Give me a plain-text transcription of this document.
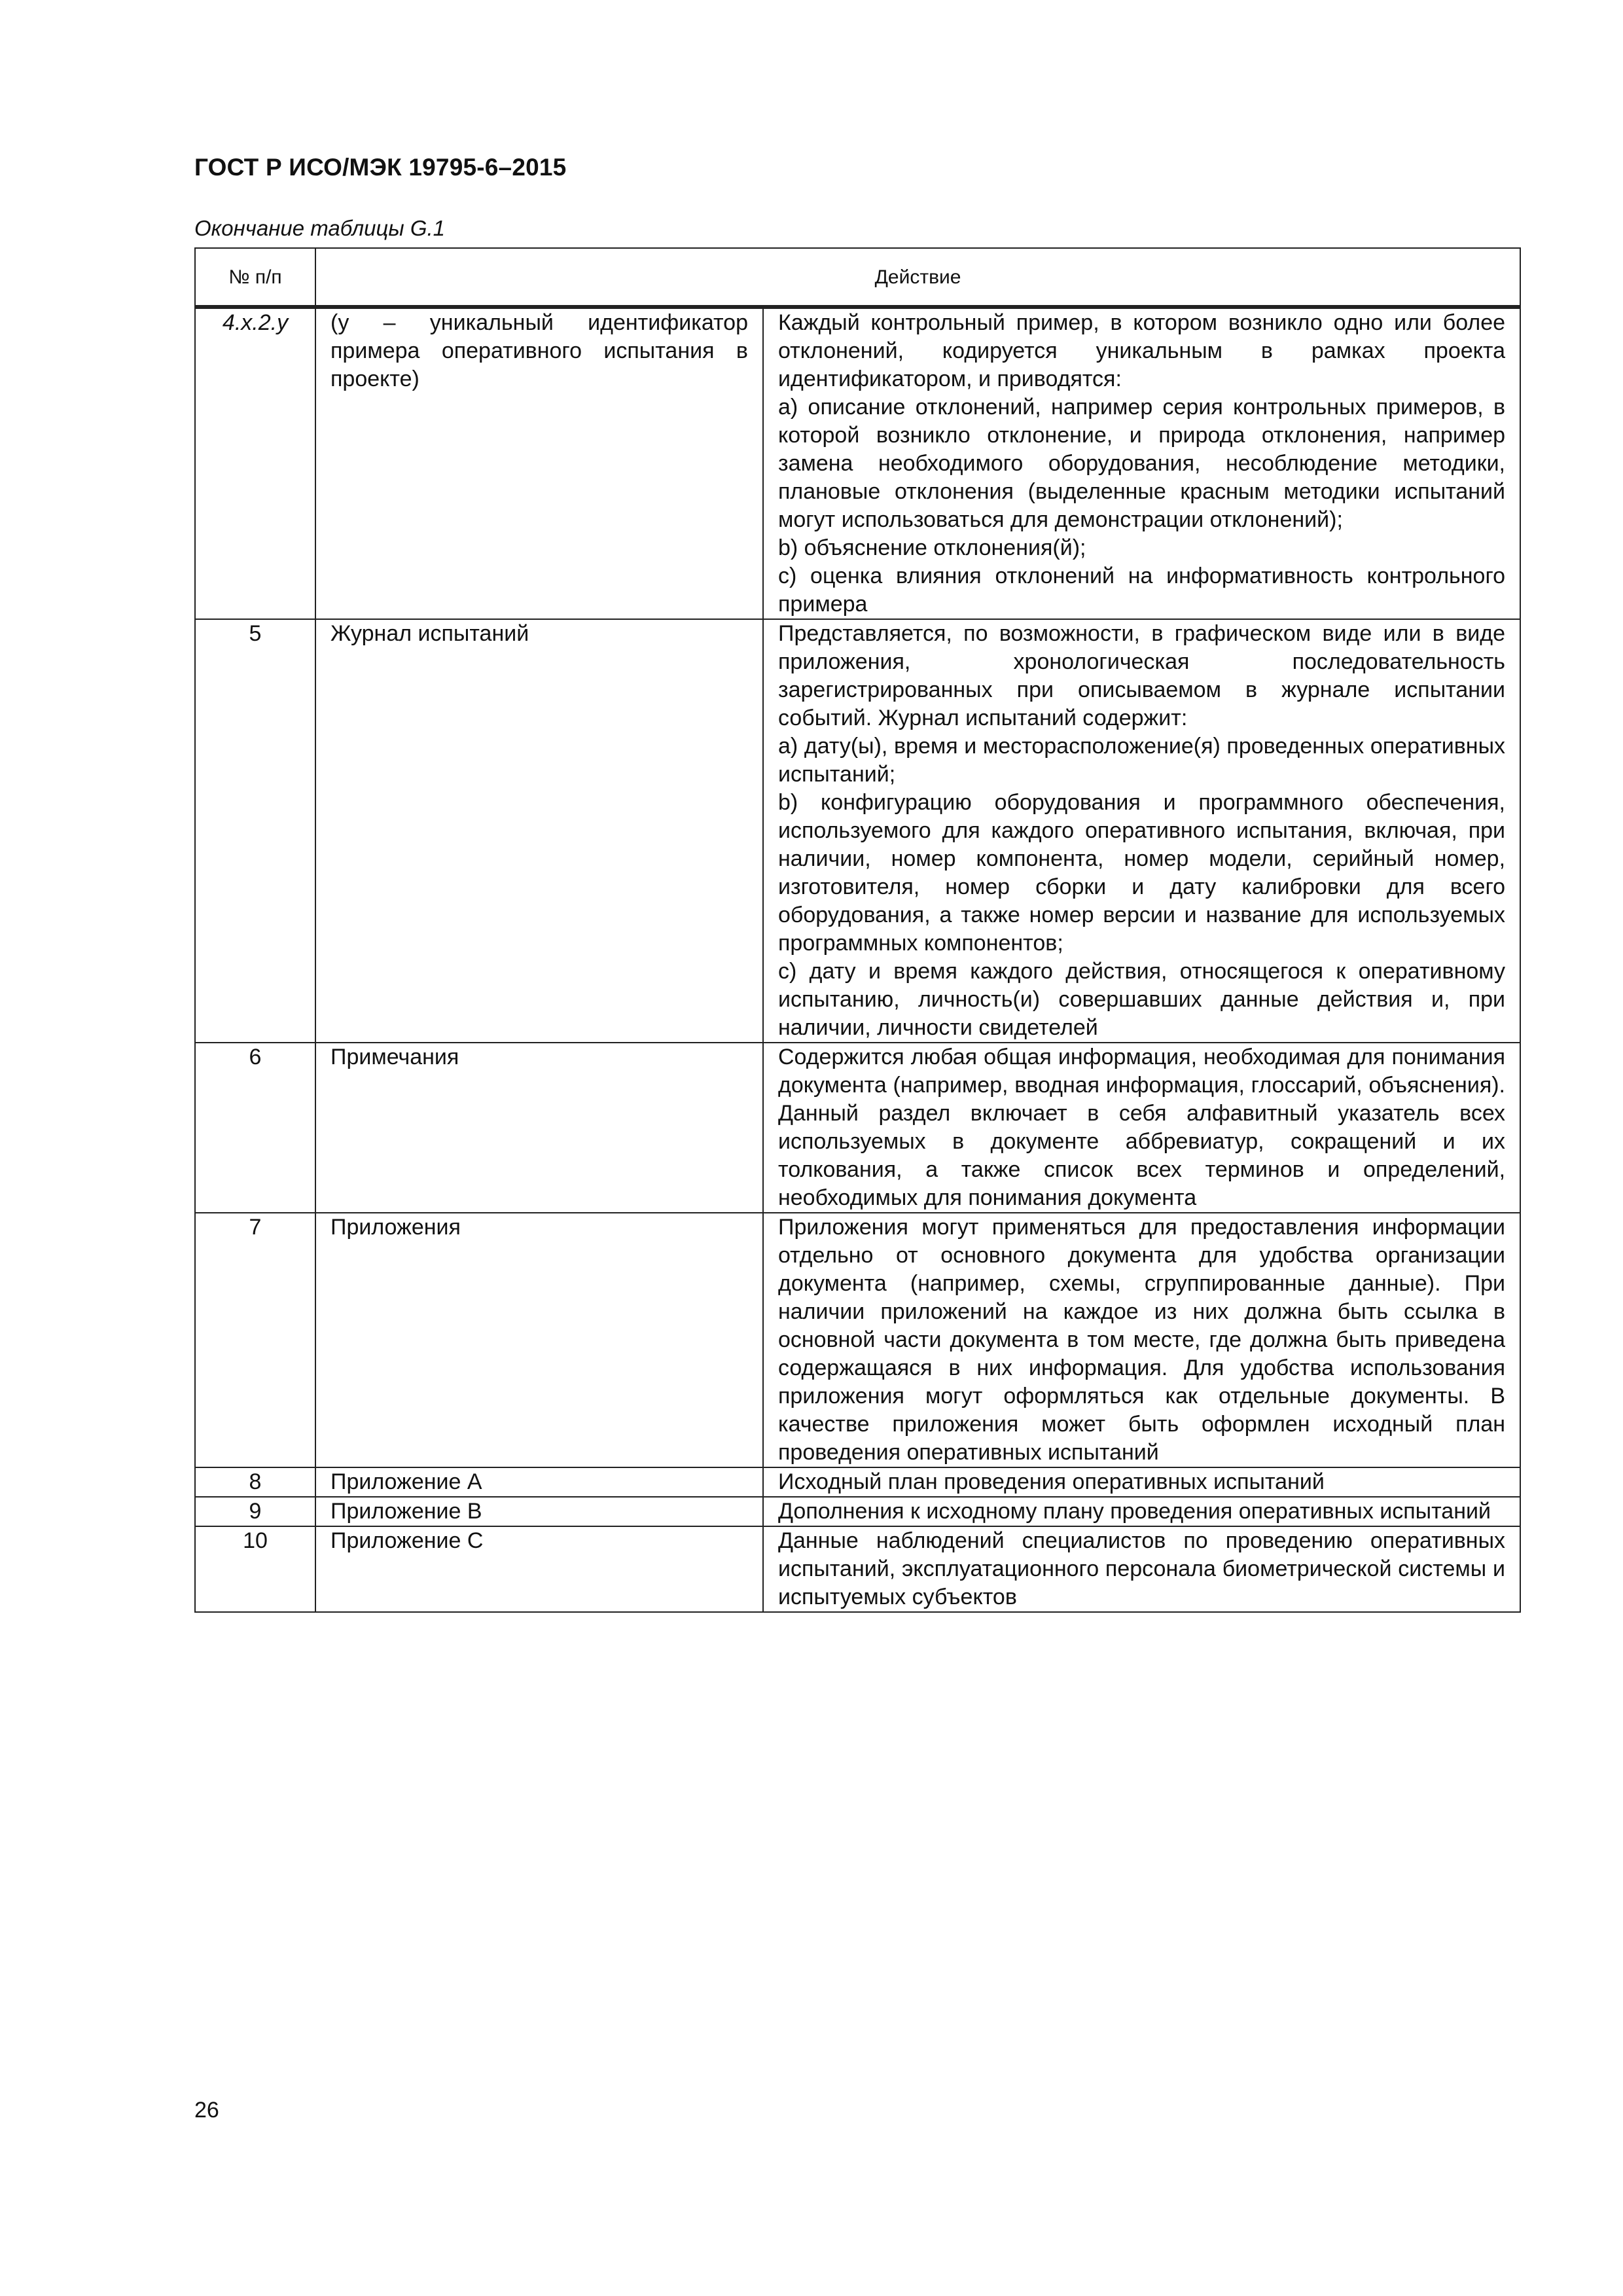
ГОСТ Р ИСО/МЭК 19795-6–2015
Окончание таблицы G.1
№ п/п	Действие	
4.x.2.y	(y – уникальный идентификатор примера оперативного испытания в проекте)	Каждый контрольный пример, в котором возникло одно или более отклонений, кодируется уникальным в рамках проекта идентификатором, и приводятся:

a) описание отклонений, например серия контрольных примеров, в которой возникло отклонение, и природа отклонения, например замена необходимого оборудования, несоблюдение методики, плановые отклонения (выделенные красным методики испытаний могут использоваться для демонстрации отклонений);

b) объяснение отклонения(й);

c) оценка влияния отклонений на информативность контрольного примера

5	Журнал испытаний	Представляется, по возможности, в графическом виде или в виде приложения, хронологическая последовательность зарегистрированных при описываемом в журнале испытании событий. Журнал испытаний содержит:

a) дату(ы), время и месторасположение(я) проведенных оперативных испытаний;

b) конфигурацию оборудования и программного обеспечения, используемого для каждого оперативного испытания, включая, при наличии, номер компонента, номер модели, серийный номер, изготовителя, номер сборки и дату калибровки для всего оборудования, а также номер версии и название для используемых программных компонентов;

c) дату и время каждого действия, относящегося к оперативному испытанию, личность(и) совершавших данные действия и, при наличии, личности свидетелей

6	Примечания	Содержится любая общая информация, необходимая для понимания документа (например, вводная информация, глоссарий, объяснения). Данный раздел включает в себя алфавитный указатель всех используемых в документе аббревиатур, сокращений и их толкования, а также список всех терминов и определений, необходимых для понимания документа

7	Приложения	Приложения могут применяться для предоставления информации отдельно от основного документа для удобства организации документа (например, схемы, сгруппированные данные). При наличии приложений на каждое из них должна быть ссылка в основной части документа в том месте, где должна быть приведена содержащаяся в них информация. Для удобства использования приложения могут оформляться как отдельные документы. В качестве приложения может быть оформлен исходный план проведения оперативных испытаний

8	Приложение A	Исходный план проведения оперативных испытаний

9	Приложение B	Дополнения к исходному плану проведения оперативных испытаний

10	Приложение C	Данные наблюдений специалистов по проведению оперативных испытаний, эксплуатационного персонала биометрической системы и испытуемых субъектов

26
